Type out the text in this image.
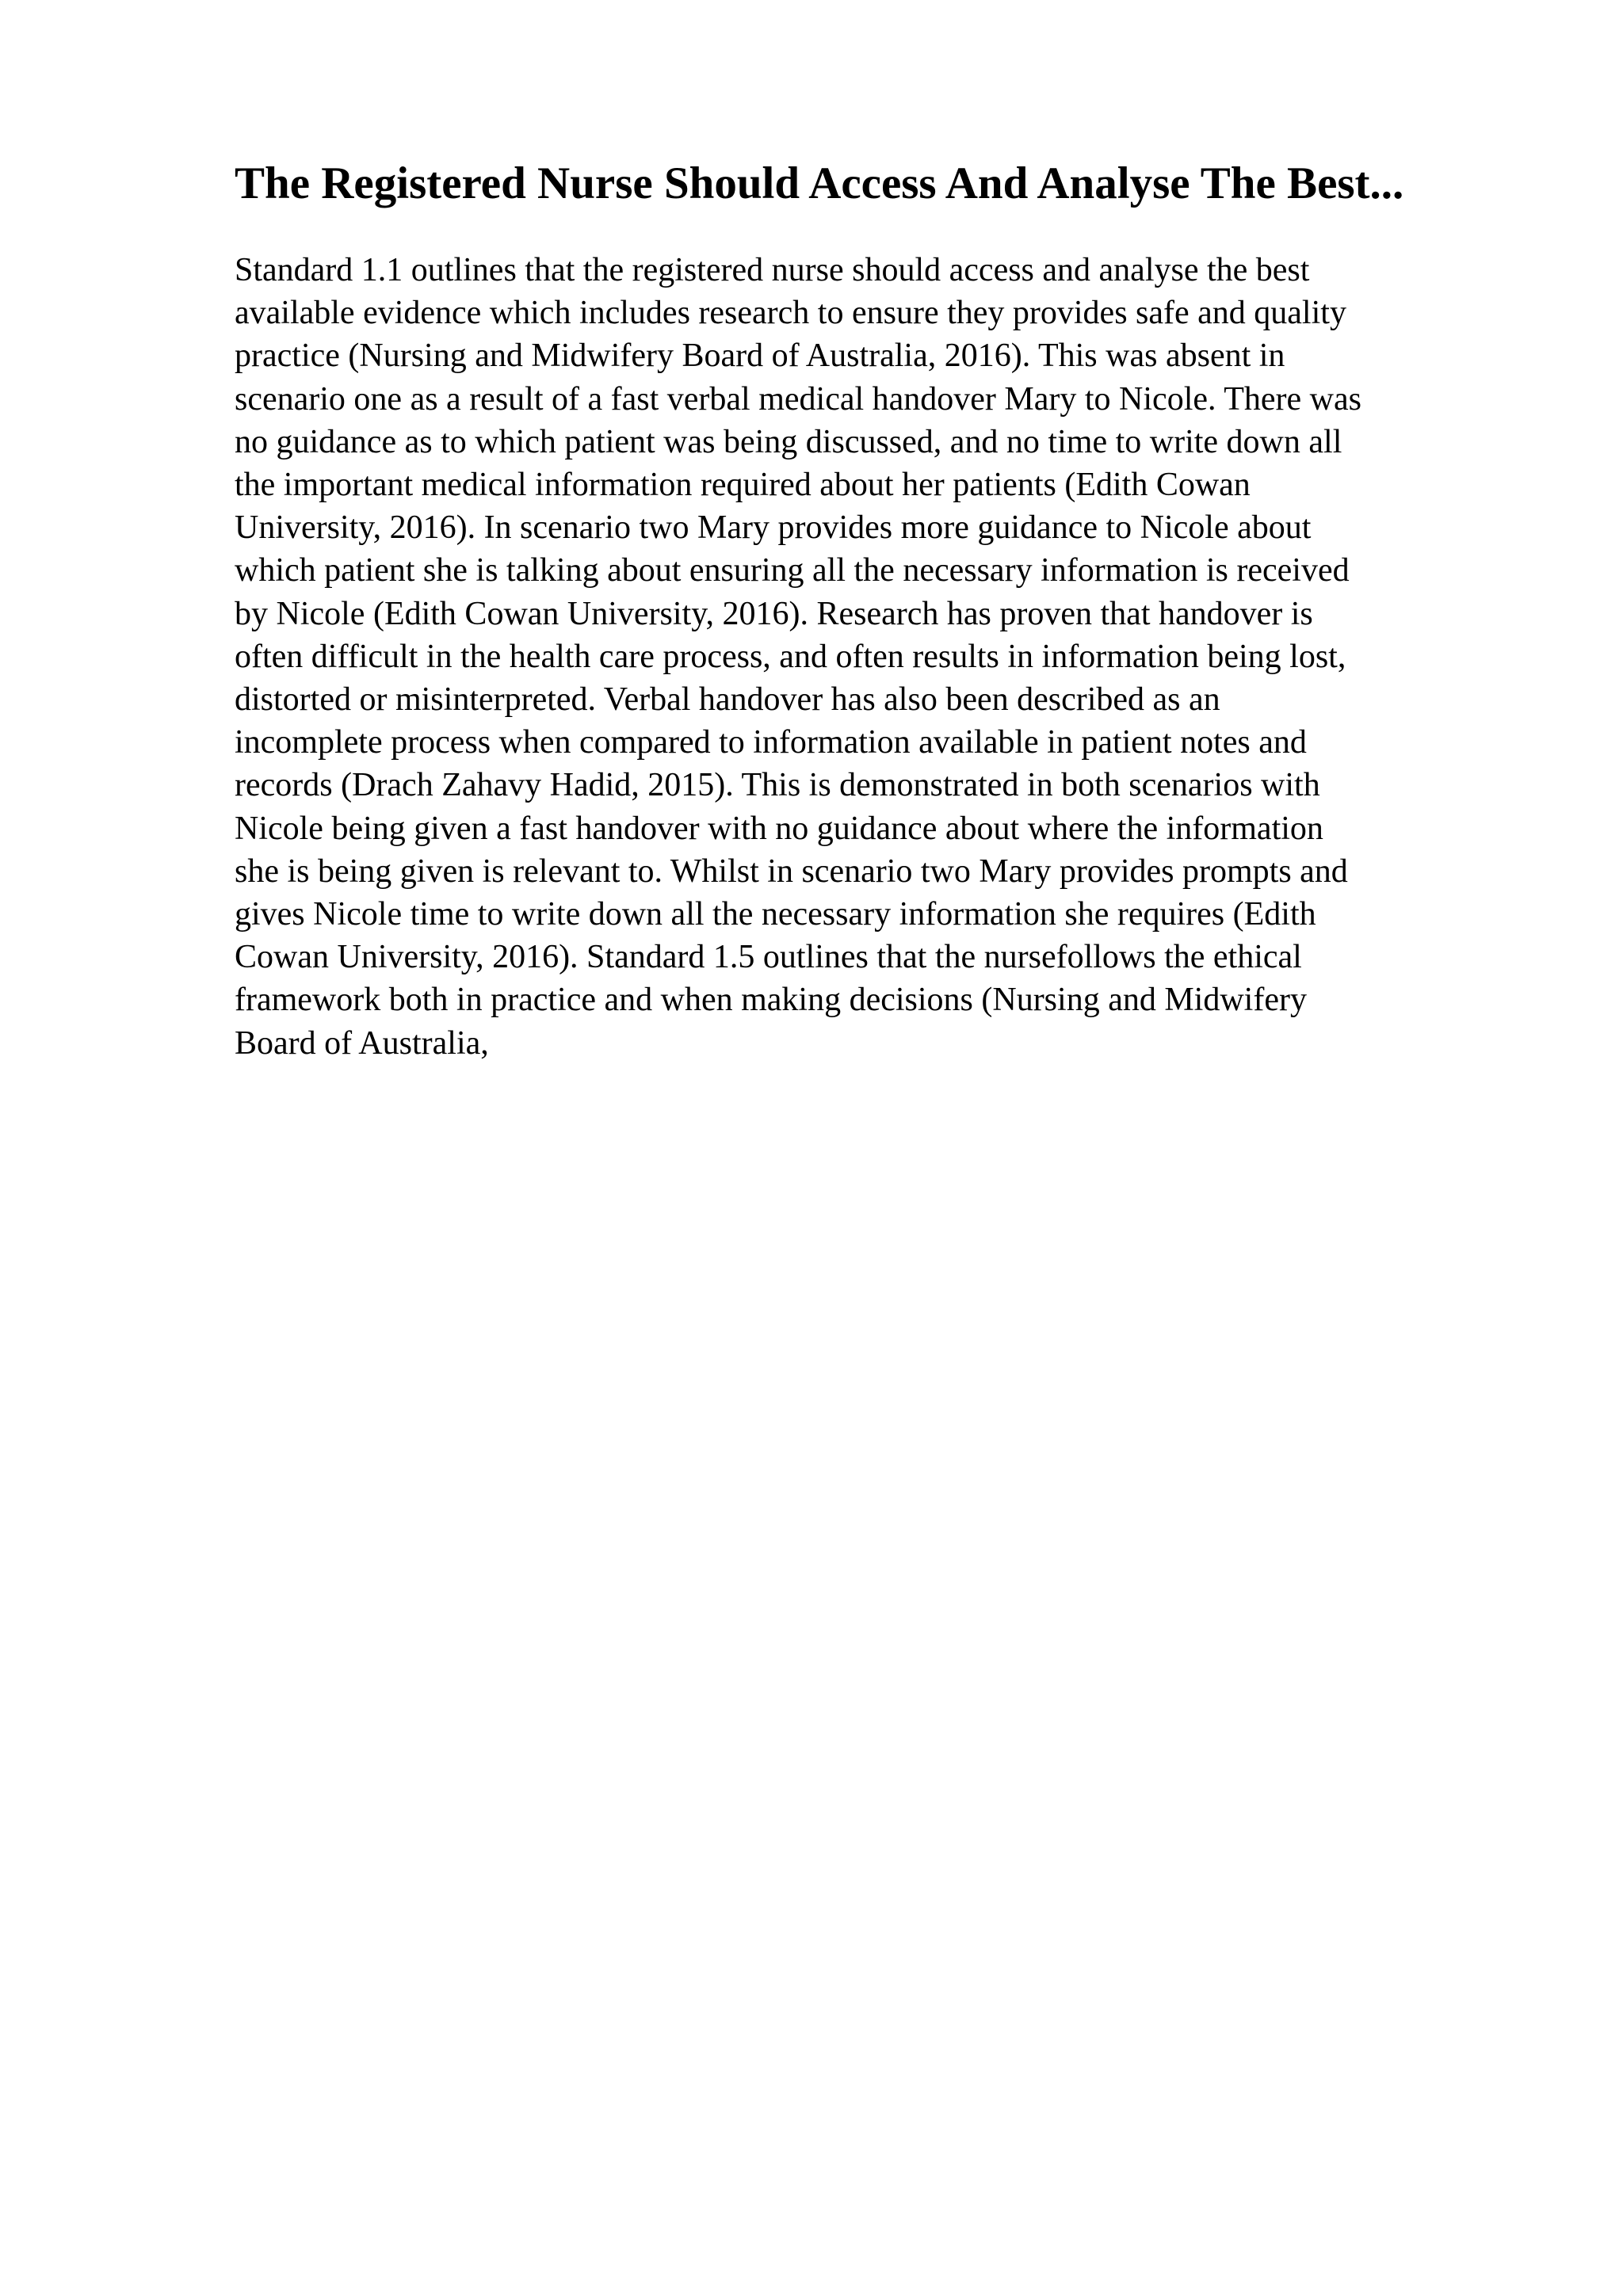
The Registered Nurse Should Access And Analyse The Best...
Standard 1.1 outlines that the registered nurse should access and analyse the best
available evidence which includes research to ensure they provides safe and quality
practice (Nursing and Midwifery Board of Australia, 2016). This was absent in
scenario one as a result of a fast verbal medical handover Mary to Nicole. There was
no guidance as to which patient was being discussed, and no time to write down all
the important medical information required about her patients (Edith Cowan
University, 2016). In scenario two Mary provides more guidance to Nicole about
which patient she is talking about ensuring all the necessary information is received
by Nicole (Edith Cowan University, 2016). Research has proven that handover is
often difficult in the health care process, and often results in information being lost,
distorted or misinterpreted. Verbal handover has also been described as an
incomplete process when compared to information available in patient notes and
records (Drach Zahavy Hadid, 2015). This is demonstrated in both scenarios with
Nicole being given a fast handover with no guidance about where the information
she is being given is relevant to. Whilst in scenario two Mary provides prompts and
gives Nicole time to write down all the necessary information she requires (Edith
Cowan University, 2016). Standard 1.5 outlines that the nursefollows the ethical
framework both in practice and when making decisions (Nursing and Midwifery
Board of Australia,
